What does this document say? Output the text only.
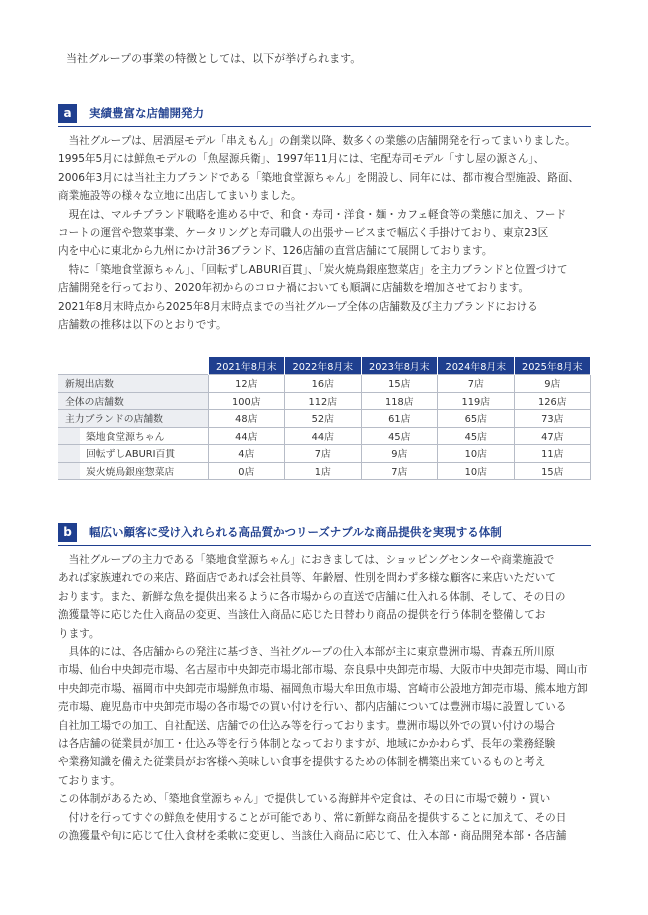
当社グループの事業の特徴としては、以下が挙げられます。
a	実績豊富な店舗開発力

当社グループは、居酒屋モデル「串えもん」の創業以降、数多くの業態の店舗開発を行ってまいりました。

1995年5月には鮮魚モデルの「魚屋源兵衛」、1997年11月には、宅配寿司モデル「すし屋の源さん」、

2006年3月には当社主力ブランドである「築地食堂源ちゃん」を開設し、同年には、都市複合型施設、路面、

商業施設等の様々な立地に出店してまいりました。

現在は、マルチブランド戦略を進める中で、和食・寿司・洋食・麺・カフェ軽食等の業態に加え、フード

コートの運営や惣菜事業、ケータリングと寿司職人の出張サービスまで幅広く手掛けており、東京23区

内を中心に東北から九州にかけ計36ブランド、126店舗の直営店舗にて展開しております。

特に「築地食堂源ちゃん」、「回転ずしABURI百貫」、「炭火焼鳥銀座惣菜店」を主力ブランドと位置づけて

店舗開発を行っており、2020年初からのコロナ禍においても順調に店舗数を増加させております。

2021年8月末時点から2025年8月末時点までの当社グループ全体の店舗数及び主力ブランドにおける

店舗数の推移は以下のとおりです。

	2021年8月末	2022年8月末	2023年8月末	2024年8月末	2025年8月末
新規出店数	12店	16店	15店	7店	9店
全体の店舗数	100店	112店	118店	119店	126店
主力ブランドの店舗数	48店	52店	61店	65店	73店
築地食堂源ちゃん	44店	44店	45店	45店	47店
回転ずしABURI百貫	4店	7店	9店	10店	11店
炭火焼鳥銀座惣菜店	0店	1店	7店	10店	15店
b	幅広い顧客に受け入れられる高品質かつリーズナブルな商品提供を実現する体制

当社グループの主力である「築地食堂源ちゃん」におきましては、ショッピングセンターや商業施設で

あれば家族連れでの来店、路面店であれば会社員等、年齢層、性別を問わず多様な顧客に来店いただいて

おります。また、新鮮な魚を提供出来るように各市場からの直送で店舗に仕入れる体制、そして、その日の

漁獲量等に応じた仕入商品の変更、当該仕入商品に応じた日替わり商品の提供を行う体制を整備してお

ります。

具体的には、各店舗からの発注に基づき、当社グループの仕入本部が主に東京豊洲市場、青森五所川原

市場、仙台中央卸売市場、名古屋市中央卸売市場北部市場、奈良県中央卸売市場、大阪市中央卸売市場、岡山市

中央卸売市場、福岡市中央卸売市場鮮魚市場、福岡魚市場大牟田魚市場、宮崎市公設地方卸売市場、熊本地方卸

売市場、鹿児島市中央卸売市場の各市場での買い付けを行い、都内店舗については豊洲市場に設置している

自社加工場での加工、自社配送、店舗での仕込み等を行っております。豊洲市場以外での買い付けの場合

は各店舗の従業員が加工・仕込み等を行う体制となっておりますが、地域にかかわらず、長年の業務経験

や業務知識を備えた従業員がお客様へ美味しい食事を提供するための体制を構築出来ているものと考え

ております。

この体制があるため、「築地食堂源ちゃん」で提供している海鮮丼や定食は、その日に市場で競り・買い

付けを行ってすぐの鮮魚を使用することが可能であり、常に新鮮な商品を提供することに加えて、その日

の漁獲量や旬に応じて仕入食材を柔軟に変更し、当該仕入商品に応じて、仕入本部・商品開発本部・各店舗
